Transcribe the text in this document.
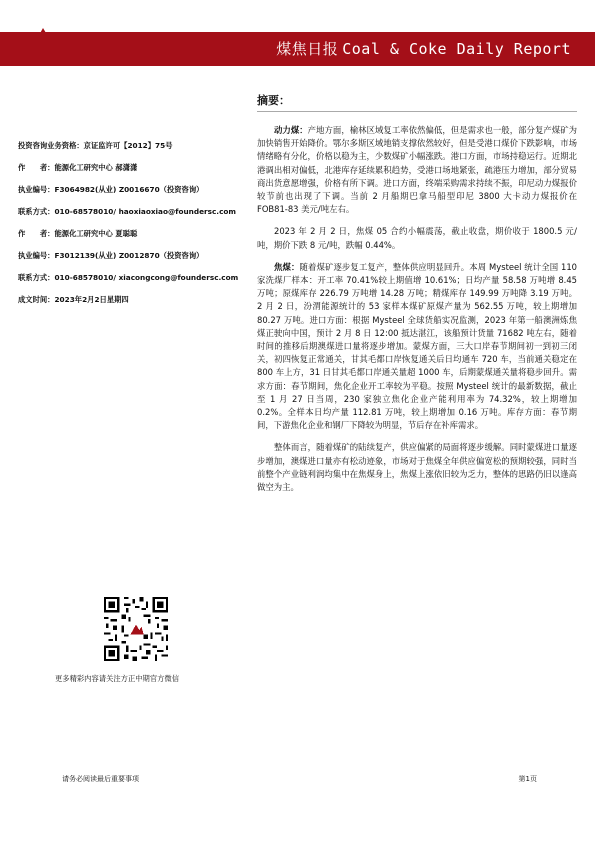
煤焦日报 Coal & Coke Daily Report
投资咨询业务资格：京证监许可【2012】75号
作　　者：能源化工研究中心 郝潇潇
执业编号：F3064982(从业) Z0016670（投资咨询）
联系方式：010-68578010/ haoxiaoxiao@foundersc.com
作　　者：能源化工研究中心 夏聪聪
执业编号：F3012139(从业) Z0012870（投资咨询）
联系方式：010-68578010/ xiacongcong@foundersc.com
成文时间：2023年2月2日星期四
更多精彩内容请关注方正中期官方微信
摘要：

动力煤：产地方面，榆林区域复工率依然偏低，但是需求也一般，部分复产煤矿为加快销售开始降价。鄂尔多斯区域地销支撑依然较好，但是受港口煤价下跌影响，市场情绪略有分化，价格以稳为主，少数煤矿小幅涨跌。港口方面，市场持稳运行。近期北港调出相对偏低，北港库存延续累积趋势，受港口场地紧张，疏港压力增加，部分贸易商出货意愿增强，价格有所下调。进口方面，终端采购需求持续不振，印尼动力煤报价较节前也出现了下调。当前 2 月船期巴拿马船型印尼 3800 大卡动力煤报价在 FOB81-83 美元/吨左右。

2023 年 2 月 2 日，焦煤 05 合约小幅震荡，截止收盘，期价收于 1800.5 元/吨，期价下跌 8 元/吨，跌幅 0.44%。

焦煤：随着煤矿逐步复工复产，整体供应明显回升。本周 Mysteel 统计全国 110 家洗煤厂样本：开工率 70.41%较上期值增 10.61%；日均产量 58.58 万吨增 8.45 万吨；原煤库存 226.79 万吨增 14.28 万吨；精煤库存 149.99 万吨降 3.19 万吨。2 月 2 日，汾渭能源统计的 53 家样本煤矿原煤产量为 562.55 万吨，较上期增加 80.27 万吨。进口方面：根据 Mysteel 全球货船实况监测，2023 年第一船澳洲炼焦煤正驶向中国，预计 2 月 8 日 12:00 抵达湛江，该船预计货量 71682 吨左右，随着时间的推移后期澳煤进口量将逐步增加。蒙煤方面，三大口岸春节期间初一到初三闭关，初四恢复正常通关，甘其毛都口岸恢复通关后日均通车 720 车，当前通关稳定在 800 车上方，31 日甘其毛都口岸通关量超 1000 车，后期蒙煤通关量将稳步回升。需求方面：春节期间，焦化企业开工率较为平稳。按照 Mysteel 统计的最新数据，截止至 1 月 27 日当周，230 家独立焦化企业产能利用率为 74.32%，较上期增加 0.2%。全样本日均产量 112.81 万吨，较上期增加 0.16 万吨。库存方面：春节期间，下游焦化企业和钢厂下降较为明显，节后存在补库需求。

整体而言，随着煤矿的陆续复产，供应偏紧的局面将逐步缓解。同时蒙煤进口量逐步增加，澳煤进口量亦有松动迹象，市场对于焦煤全年供应偏宽松的预期较强，同时当前整个产业链利润均集中在焦煤身上，焦煤上涨依旧较为乏力，整体的思路仍旧以逢高做空为主。

请务必阅读最后重要事项	第1页
